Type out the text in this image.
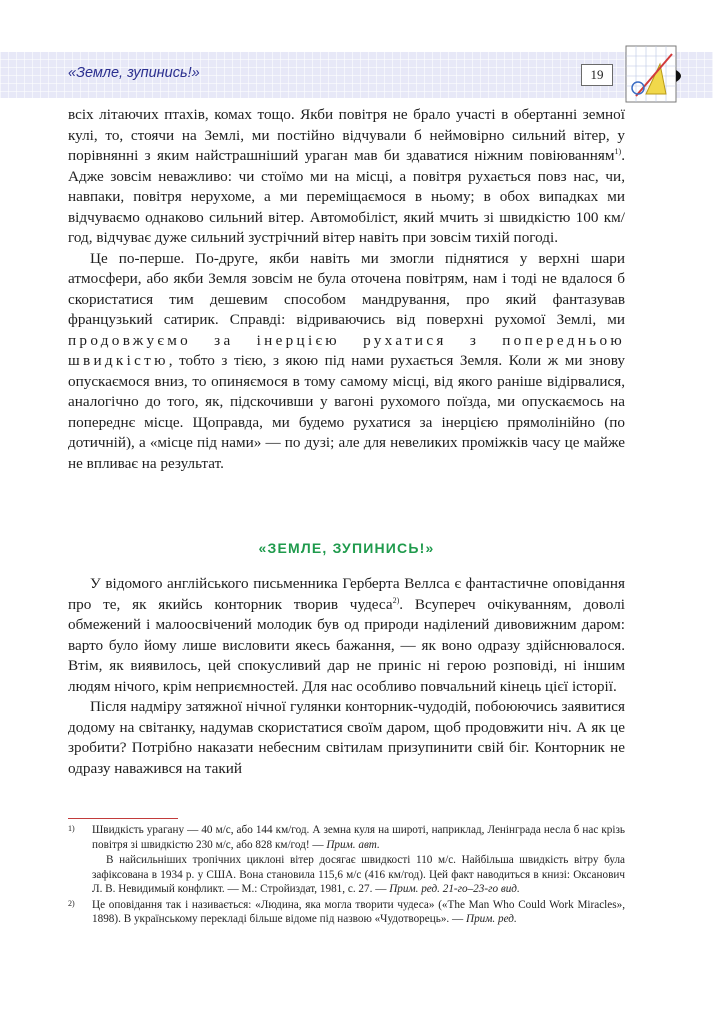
«Земле, зупинись!»	19

всіх літаючих птахів, комах тощо. Якби повітря не брало участі в обертанні земної кулі, то, стоячи на Землі, ми постійно відчували б неймовірно сильний вітер, у порівнянні з яким найстрашніший ураган мав би здаватися ніжним повіюванням$^{1)}$. Адже зовсім неважливо: чи стоїмо ми на місці, а повітря рухається повз нас, чи, навпаки, повітря нерухоме, а ми переміщаємося в ньому; в обох випадках ми відчуваємо однаково сильний вітер. Автомобіліст, який мчить зі швидкістю 100 км/год, відчуває дуже сильний зустрічний вітер навіть при зовсім тихій погоді.

Це по-перше. По-друге, якби навіть ми змогли піднятися у верхні шари атмосфери, або якби Земля зовсім не була оточена повітрям, нам і тоді не вдалося б скористатися тим дешевим способом мандрування, про який фантазував французький сатирик. Справді: відриваючись від поверхні рухомої Землі, ми продовжуємо за інерцією рухатися з попередньою швидкістю, тобто з тією, з якою під нами рухається Земля. Коли ж ми знову опускаємося вниз, то опиняємося в тому самому місці, від якого раніше відірвалися, аналогічно до того, як, підскочивши у вагоні рухомого поїзда, ми опускаємось на попереднє місце. Щоправда, ми будемо рухатися за інерцією прямолінійно (по дотичній), а «місце під нами» — по дузі; але для невеликих проміжків часу це майже не впливає на результат.

«ЗЕМЛЕ, ЗУПИНИСЬ!»

У відомого англійського письменника Герберта Веллса є фантастичне оповідання про те, як якийсь конторник творив чудеса$^{2)}$. Всупереч очікуванням, доволі обмежений і малоосвічений молодик був од природи наділений дивовижним даром: варто було йому лише висловити якесь бажання, — як воно одразу здійснювалося. Втім, як виявилось, цей спокусливий дар не приніс ні герою розповіді, ні іншим людям нічого, крім неприємностей. Для нас особливо повчальний кінець цієї історії.

Після надміру затяжної нічної гулянки конторник-чудодій, побоюючись заявитися додому на світанку, надумав скористатися своїм даром, щоб продовжити ніч. А як це зробити? Потрібно наказати небесним світилам призупинити свій біг. Конторник не одразу наважився на такий

1) Швидкість урагану — 40 м/с, або 144 км/год. А земна куля на широті, наприклад, Ленінграда несла б нас крізь повітря зі швидкістю 230 м/с, або 828 км/год! — Прим. авт.

В найсильніших тропічних циклоні вітер досягає швидкості 110 м/с. Найбільша швидкість вітру була зафіксована в 1934 р. у США. Вона становила 115,6 м/с (416 км/год). Цей факт наводиться в книзі: Оксанович Л. В. Невидимый конфликт. — М.: Стройиздат, 1981, с. 27. — Прим. ред. 21-го–23-го вид.

2) Це оповідання так і називається: «Людина, яка могла творити чудеса» («The Man Who Could Work Miracles», 1898). В українському перекладі більше відоме під назвою «Чудотворець». — Прим. ред.
